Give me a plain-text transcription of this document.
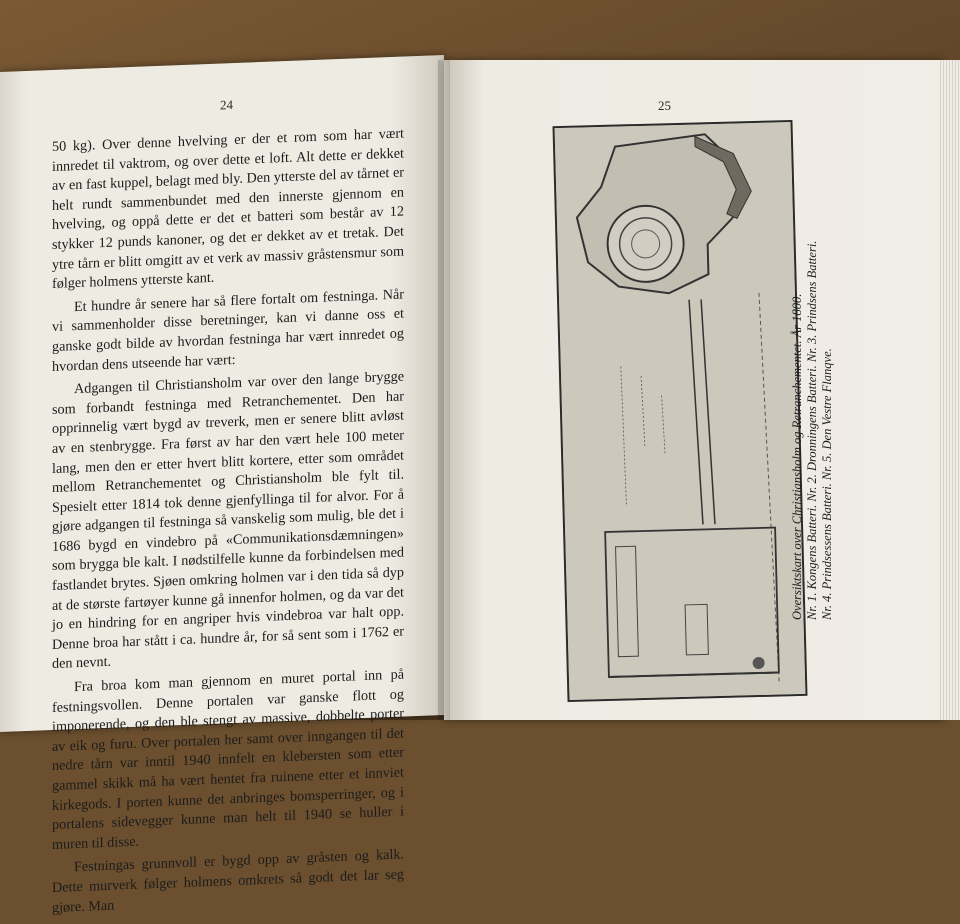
24

50 kg). Over denne hvelving er der et rom som har vært innredet til vaktrom, og over dette et loft. Alt dette er dekket av en fast kuppel, belagt med bly. Den ytterste del av tårnet er helt rundt sammenbundet med den innerste gjennom en hvelving, og oppå dette er det et batteri som består av 12 stykker 12 punds kanoner, og det er dekket av et tretak. Det ytre tårn er blitt omgitt av et verk av massiv gråstensmur som følger holmens ytterste kant.

Et hundre år senere har så flere fortalt om festninga. Når vi sammenholder disse beretninger, kan vi danne oss et ganske godt bilde av hvordan festninga har vært innredet og hvordan dens utseende har vært:

Adgangen til Christiansholm var over den lange brygge som forbandt festninga med Retranchementet. Den har opprinnelig vært bygd av treverk, men er senere blitt avløst av en stenbrygge. Fra først av har den vært hele 100 meter lang, men den er etter hvert blitt kortere, etter som området mellom Retranchementet og Christiansholm ble fylt til. Spesielt etter 1814 tok denne gjenfyllinga til for alvor. For å gjøre adgangen til festninga så vanskelig som mulig, ble det i 1686 bygd en vindebro på «Communikationsdæmningen» som brygga ble kalt. I nødstilfelle kunne da forbindelsen med fastlandet brytes. Sjøen omkring holmen var i den tida så dyp at de største fartøyer kunne gå innenfor holmen, og da var det jo en hindring for en angriper hvis vindebroa var halt opp. Denne broa har stått i ca. hundre år, for så sent som i 1762 er den nevnt.

Fra broa kom man gjennom en muret portal inn på festningsvollen. Denne portalen var ganske flott og imponerende, og den ble stengt av massive, dobbelte porter av eik og furu. Over portalen her samt over inngangen til det nedre tårn var inntil 1940 innfelt en klebersten som etter gammel skikk må ha vært hentet fra ruinene etter et innviet kirkegods. I porten kunne det anbringes bomsperringer, og i portalens sidevegger kunne man helt til 1940 se huller i muren til disse.

Festningas grunnvoll er bygd opp av gråsten og kalk. Dette murverk følger holmens omkrets så godt det lar seg gjøre. Man

25
Oversiktskart over Christiansholm og Retranchementet. År 1800. Nr. 1. Kongens Batteri. Nr. 2. Dronningens Batteri. Nr. 3. Prindsens Batteri. Nr. 4. Prindsessens Batteri. Nr. 5. Den Vestre Flanqve.
